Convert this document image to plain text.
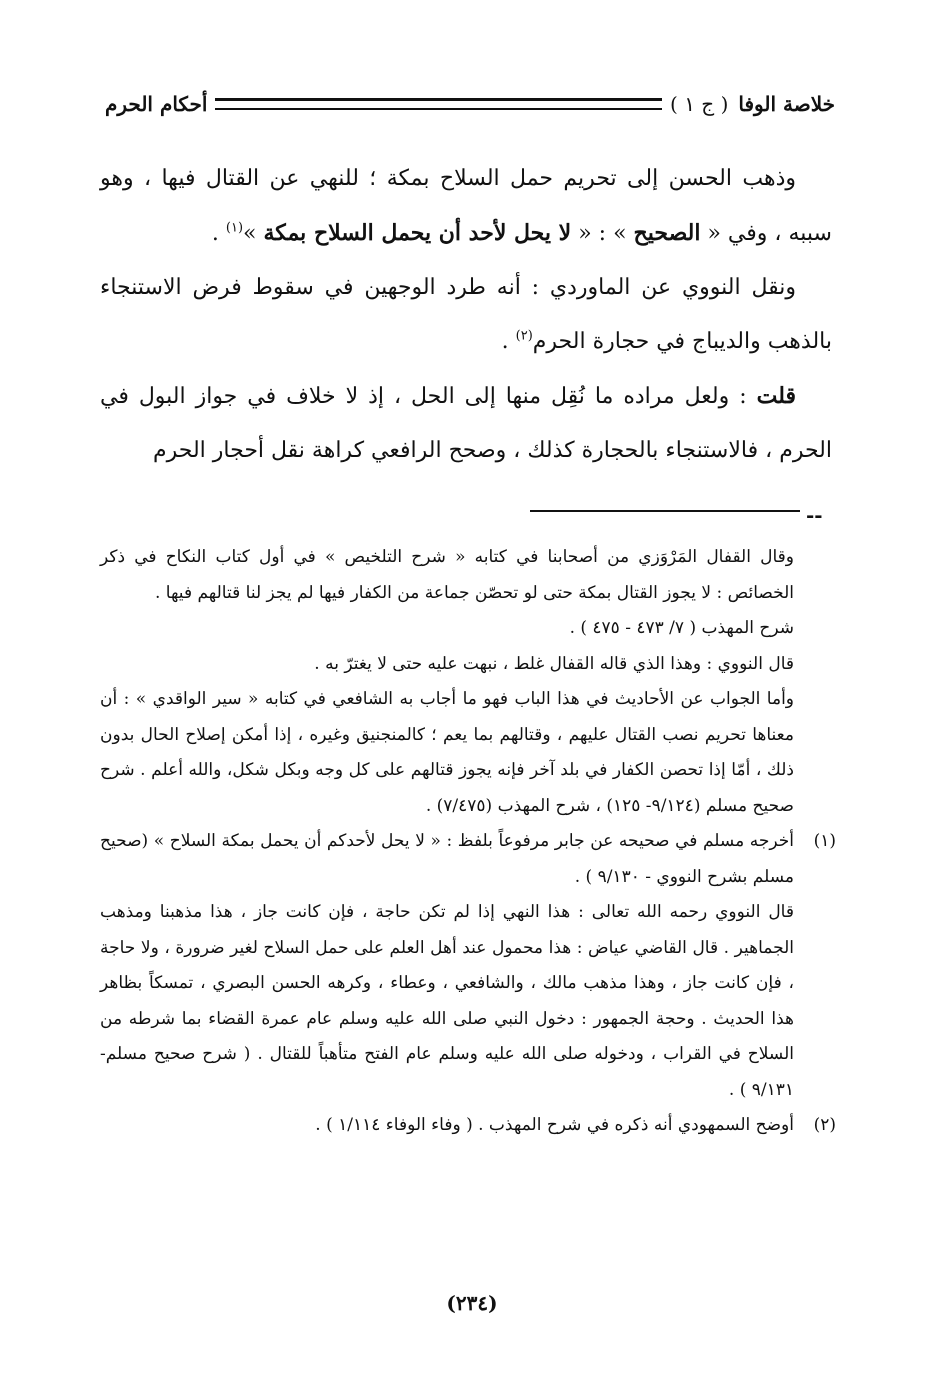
خلاصة الوفا
( ج ١ )
أحكام الحرم

وذهب الحسن إلى تحريم حمل السلاح بمكة ؛ للنهي عن القتال فيها ، وهو سببه ، وفي « الصحيح » : « لا يحل لأحد أن يحمل السلاح بمكة »$^{(١)}$ .

ونقل النووي عن الماوردي : أنه طرد الوجهين في سقوط فرض الاستنجاء بالذهب والديباج في حجارة الحرم$^{(٢)}$ .

قلت : ولعل مراده ما نُقِل منها إلى الحل ، إذ لا خلاف في جواز البول في الحرم ، فالاستنجاء بالحجارة كذلك ، وصحح الرافعي كراهة نقل أحجار الحرم

--

وقال القفال المَرْوَزي من أصحابنا في كتابه « شرح التلخيص » في أول كتاب النكاح في ذكر الخصائص : لا يجوز القتال بمكة حتى لو تحصّن جماعة من الكفار فيها لم يجز لنا قتالهم فيها .

شرح المهذب ( ٧/ ٤٧٣ - ٤٧٥ ) .

قال النووي : وهذا الذي قاله القفال غلط ، نبهت عليه حتى لا يغترّ به .

وأما الجواب عن الأحاديث في هذا الباب فهو ما أجاب به الشافعي في كتابه « سير الواقدي » : أن معناها تحريم نصب القتال عليهم ، وقتالهم بما يعم ؛ كالمنجنيق وغيره ، إذا أمكن إصلاح الحال بدون ذلك ، أمّا إذا تحصن الكفار في بلد آخر فإنه يجوز قتالهم على كل وجه وبكل شكل، والله أعلم . شرح صحيح مسلم (٩/١٢٤- ١٢٥) ، شرح المهذب (٧/٤٧٥) .

(١)
أخرجه مسلم في صحيحه عن جابر مرفوعاً بلفظ : « لا يحل لأحدكم أن يحمل بمكة السلاح » (صحيح مسلم بشرح النووي - ٩/١٣٠ ) .
قال النووي رحمه الله تعالى : هذا النهي إذا لم تكن حاجة ، فإن كانت جاز ، هذا مذهبنا ومذهب الجماهير . قال القاضي عياض : هذا محمول عند أهل العلم على حمل السلاح لغير ضرورة ، ولا حاجة ، فإن كانت جاز ، وهذا مذهب مالك ، والشافعي ، وعطاء ، وكرهه الحسن البصري ، تمسكاً بظاهر هذا الحديث . وحجة الجمهور : دخول النبي صلى الله عليه وسلم عام عمرة القضاء بما شرطه من السلاح في القراب ، ودخوله صلى الله عليه وسلم عام الفتح متأهباً للقتال . ( شرح صحيح مسلم- ٩/١٣١ ) .
(٢)
أوضح السمهودي أنه ذكره في شرح المهذب . ( وفاء الوفاء ١/١١٤ ) .
(٢٣٤)
